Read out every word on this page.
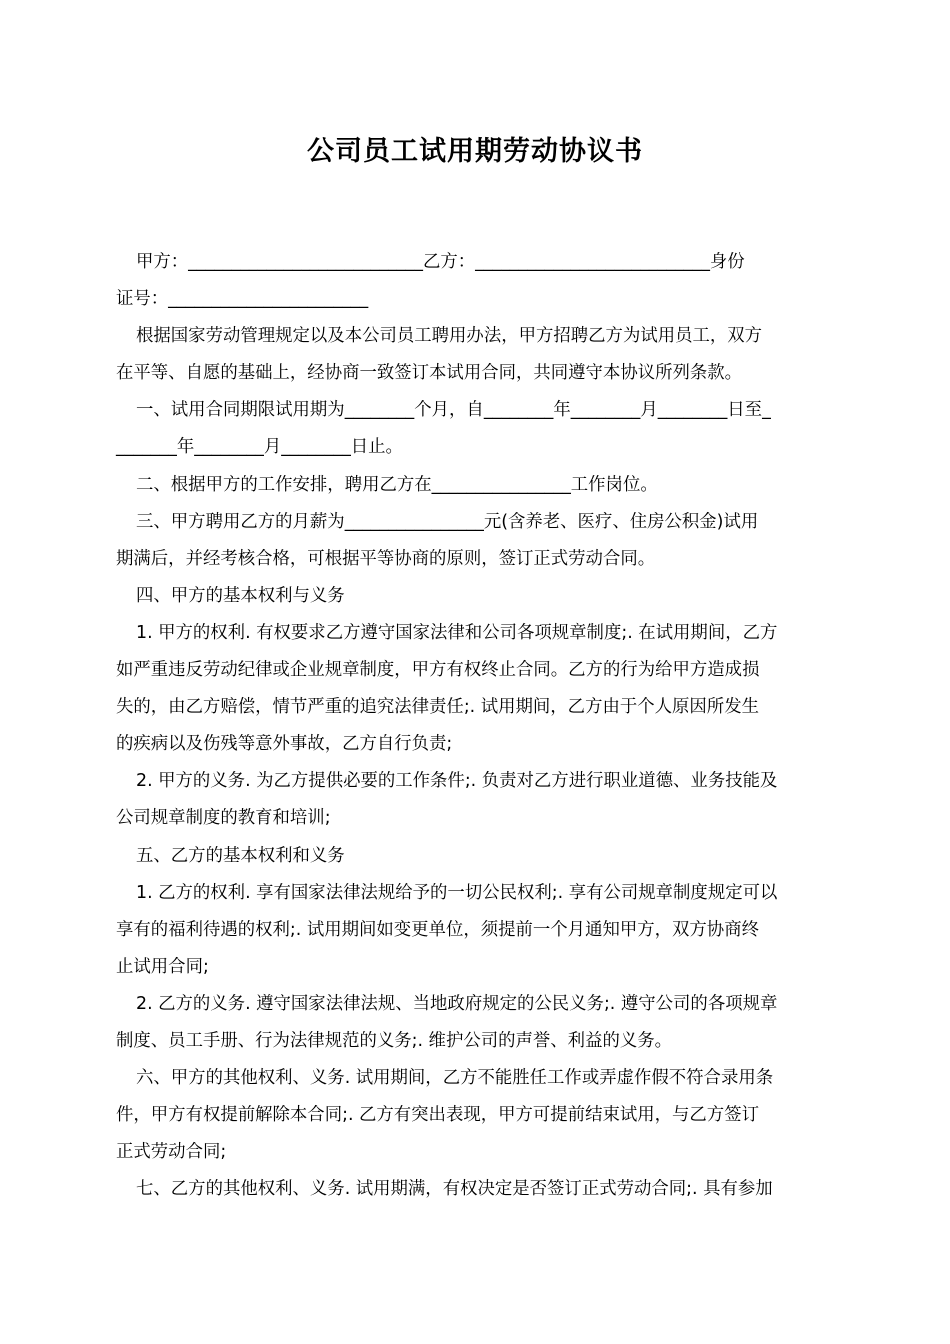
公司员工试用期劳动协议书
甲方：___________________________乙方：___________________________身份
证号：_______________________
根据国家劳动管理规定以及本公司员工聘用办法，甲方招聘乙方为试用员工，双方
在平等、自愿的基础上，经协商一致签订本试用合同，共同遵守本协议所列条款。
一、试用合同期限试用期为________个月，自________年________月________日至_
_______年________月________日止。
二、根据甲方的工作安排，聘用乙方在________________工作岗位。
三、甲方聘用乙方的月薪为________________元(含养老、医疗、住房公积金)试用
期满后，并经考核合格，可根据平等协商的原则，签订正式劳动合同。
四、甲方的基本权利与义务
1. 甲方的权利. 有权要求乙方遵守国家法律和公司各项规章制度;. 在试用期间，乙方
如严重违反劳动纪律或企业规章制度，甲方有权终止合同。乙方的行为给甲方造成损
失的，由乙方赔偿，情节严重的追究法律责任;. 试用期间，乙方由于个人原因所发生
的疾病以及伤残等意外事故，乙方自行负责;
2. 甲方的义务. 为乙方提供必要的工作条件;. 负责对乙方进行职业道德、业务技能及
公司规章制度的教育和培训;
五、乙方的基本权利和义务
1. 乙方的权利. 享有国家法律法规给予的一切公民权利;. 享有公司规章制度规定可以
享有的福利待遇的权利;. 试用期间如变更单位，须提前一个月通知甲方，双方协商终
止试用合同;
2. 乙方的义务. 遵守国家法律法规、当地政府规定的公民义务;. 遵守公司的各项规章
制度、员工手册、行为法律规范的义务;. 维护公司的声誉、利益的义务。
六、甲方的其他权利、义务. 试用期间，乙方不能胜任工作或弄虚作假不符合录用条
件，甲方有权提前解除本合同;. 乙方有突出表现，甲方可提前结束试用，与乙方签订
正式劳动合同;
七、乙方的其他权利、义务. 试用期满，有权决定是否签订正式劳动合同;. 具有参加
